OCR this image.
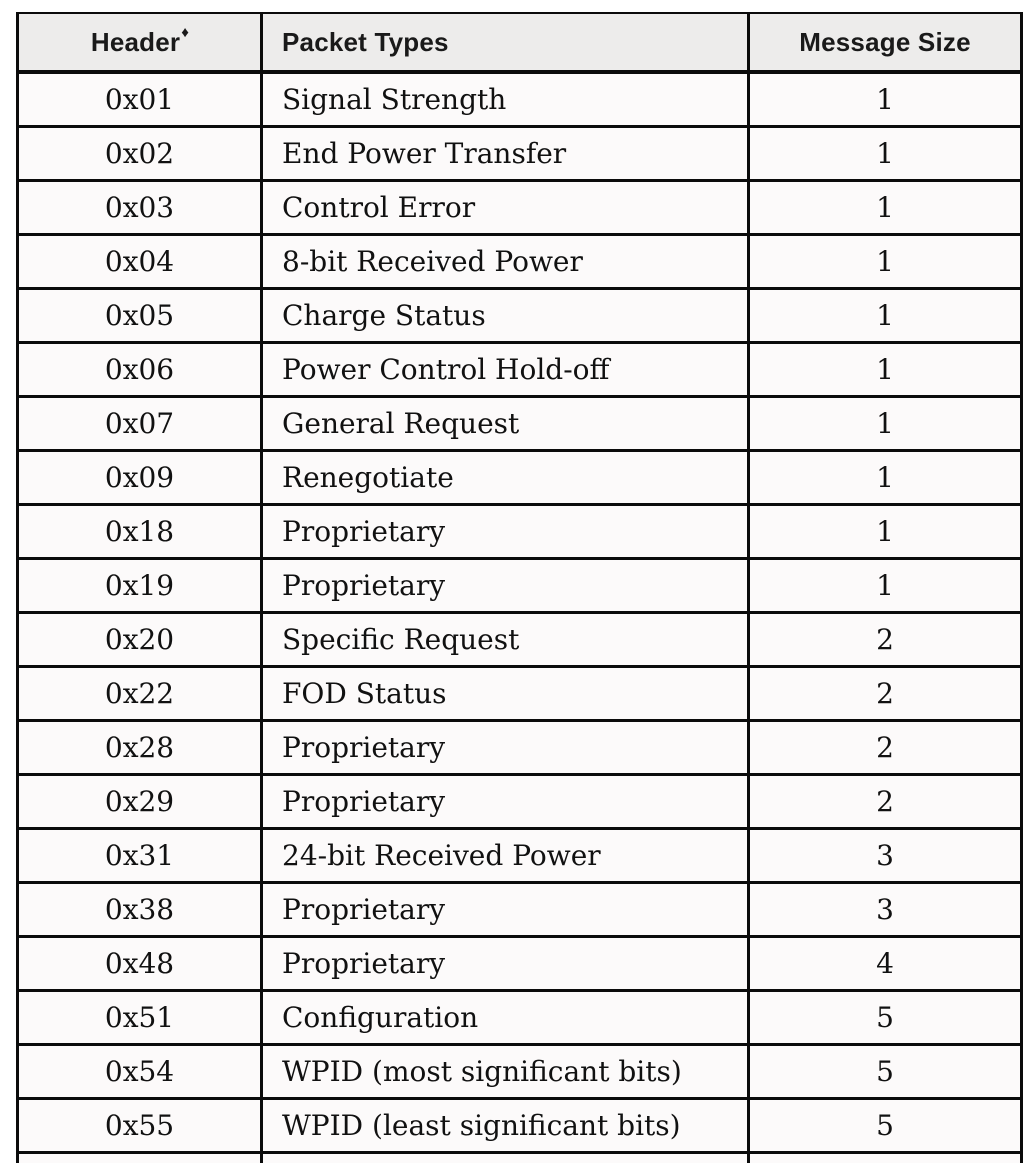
Header♦	Packet Types	Message Size
0x01	Signal Strength	1
0x02	End Power Transfer	1
0x03	Control Error	1
0x04	8-bit Received Power	1
0x05	Charge Status	1
0x06	Power Control Hold-off	1
0x07	General Request	1
0x09	Renegotiate	1
0x18	Proprietary	1
0x19	Proprietary	1
0x20	Specific Request	2
0x22	FOD Status	2
0x28	Proprietary	2
0x29	Proprietary	2
0x31	24-bit Received Power	3
0x38	Proprietary	3
0x48	Proprietary	4
0x51	Configuration	5
0x54	WPID (most significant bits)	5
0x55	WPID (least significant bits)	5
